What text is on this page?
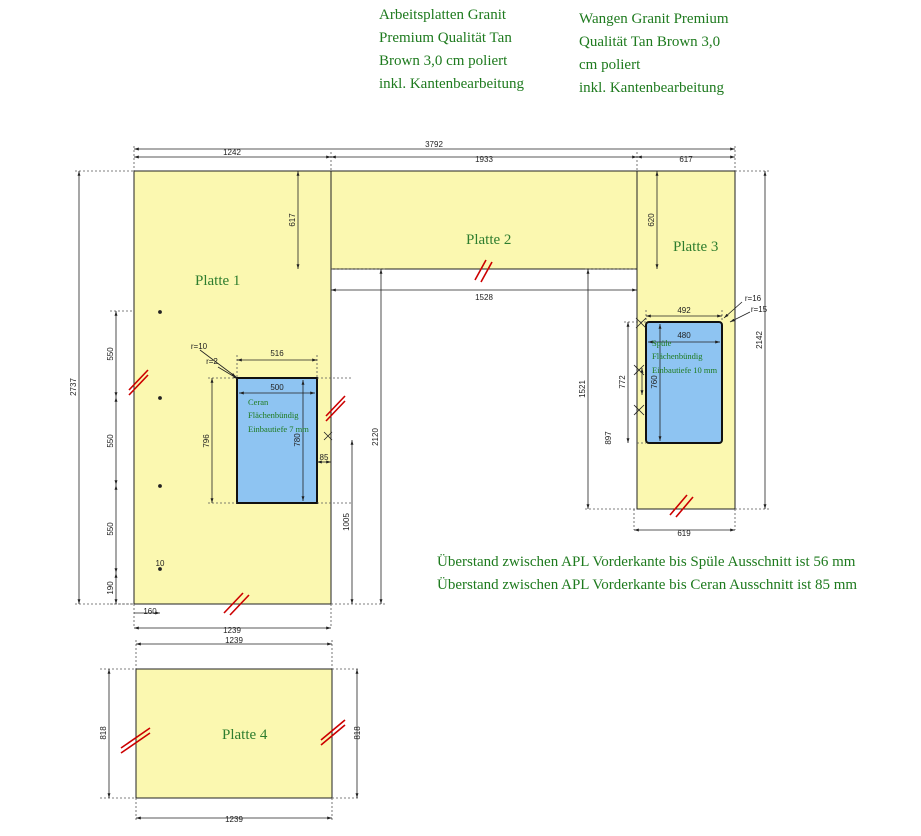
Arbeitsplatten Granit
Premium Qualität Tan
Brown 3,0 cm poliert
inkl. Kantenbearbeitung
Wangen Granit Premium
Qualität Tan Brown 3,0
cm poliert
inkl. Kantenbearbeitung
3792
1242
1933	617
617	620
1528
2737
2120
2142
1521
1239
160
550
550
550
190
10
r=10
r=2
516
500
796	780
85
1005
492
480
r=16
r=15
772	760
897
619
1239
1239
818	818
Platte 1
Platte 2	Platte 3
Platte 4
Ceran
Flächenbündig
Einbautiefe 7 mm
Spüle
Flächenbündig
Einbautiefe 10 mm
Überstand zwischen APL Vorderkante bis Spüle Ausschnitt ist 56 mm
Überstand zwischen APL Vorderkante bis Ceran Ausschnitt ist 85 mm
